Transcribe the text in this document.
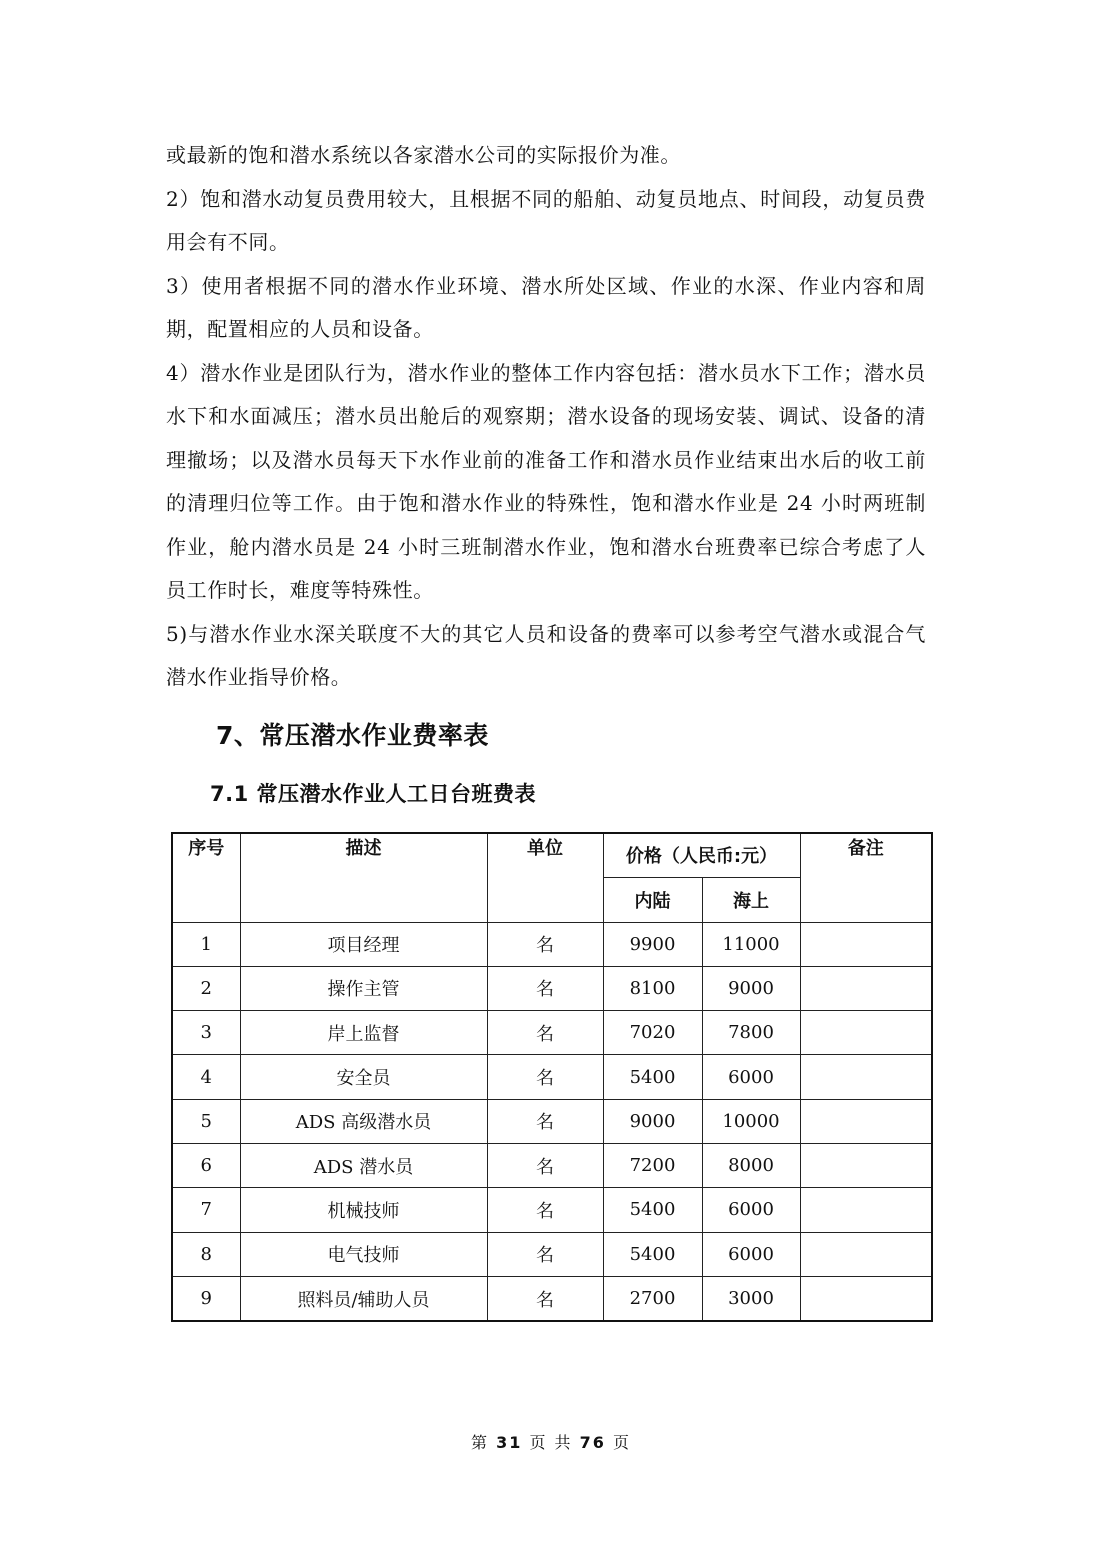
或最新的饱和潜水系统以各家潜水公司的实际报价为准。

2）饱和潜水动复员费用较大，且根据不同的船舶、动复员地点、时间段，动复员费用会有不同。

3）使用者根据不同的潜水作业环境、潜水所处区域、作业的水深、作业内容和周期，配置相应的人员和设备。

4）潜水作业是团队行为，潜水作业的整体工作内容包括：潜水员水下工作；潜水员水下和水面减压；潜水员出舱后的观察期；潜水设备的现场安装、调试、设备的清理撤场；以及潜水员每天下水作业前的准备工作和潜水员作业结束出水后的收工前的清理归位等工作。由于饱和潜水作业的特殊性，饱和潜水作业是 24 小时两班制作业，舱内潜水员是 24 小时三班制潜水作业，饱和潜水台班费率已综合考虑了人员工作时长，难度等特殊性。

5)与潜水作业水深关联度不大的其它人员和设备的费率可以参考空气潜水或混合气潜水作业指导价格。

7、常压潜水作业费率表
7.1 常压潜水作业人工日台班费表
序号	描述	单位	价格（人民币:元）		备注
			内陆	海上	
1	项目经理	名	9900	11000	
2	操作主管	名	8100	9000	
3	岸上监督	名	7020	7800	
4	安全员	名	5400	6000	
5	ADS 高级潜水员	名	9000	10000	
6	ADS 潜水员	名	7200	8000	
7	机械技师	名	5400	6000	
8	电气技师	名	5400	6000	
9	照料员/辅助人员	名	2700	3000	
第 31 页 共 76 页
